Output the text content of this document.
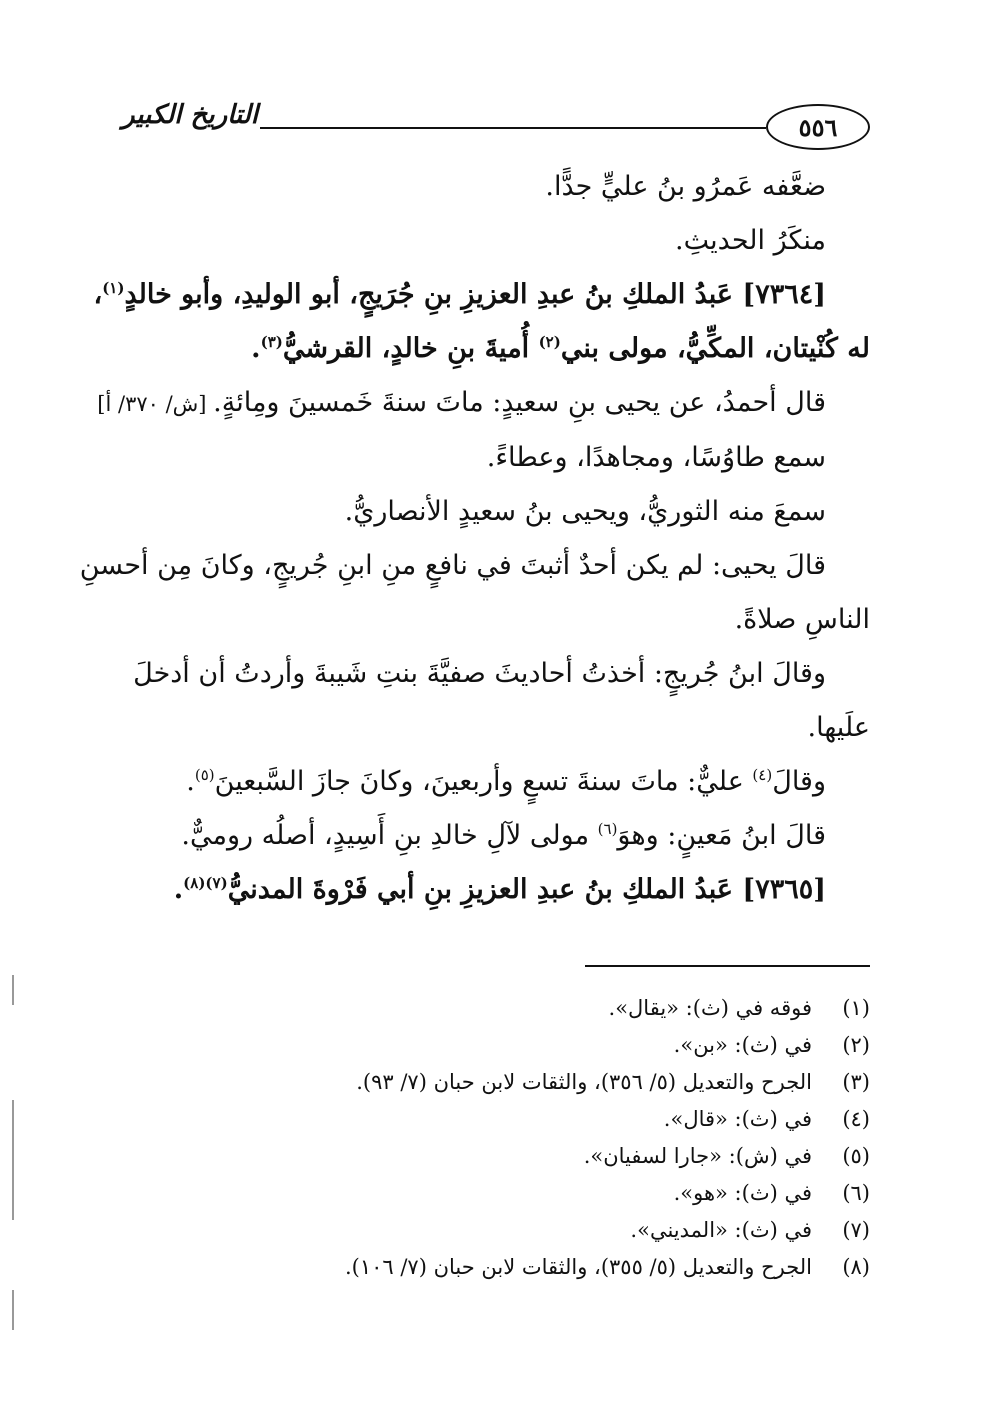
٥٥٦
التاريخ الكبير
ضعَّفه عَمرُو بنُ عليٍّ جدًّا.
منكَرُ الحديثِ.
[٧٣٦٤] عَبدُ الملكِ بنُ عبدِ العزيزِ بنِ جُرَيجٍ، أبو الوليدِ، وأبو خالدٍ$^{(١)}$،
له كُنْيتان، المكِّيُّ، مولى بني$^{(٢)}$ أُميةَ بنِ خالدٍ، القرشيُّ$^{(٣)}$.
قال أحمدُ، عن يحيى بنِ سعيدٍ: ماتَ سنةَ خَمسينَ ومِائةٍ. [ش/ ٣٧٠/ أ]
سمع طاوُسًا، ومجاهدًا، وعطاءً.
سمعَ منه الثوريُّ، ويحيى بنُ سعيدٍ الأنصاريُّ.
قالَ يحيى: لم يكن أحدٌ أثبتَ في نافعٍ منِ ابنِ جُريجٍ، وكانَ مِن أحسنِ
الناسِ صلاةً.
وقالَ ابنُ جُريجٍ: أخذتُ أحاديثَ صفيَّةَ بنتِ شَيبةَ وأردتُ أن أدخلَ
علَيها.
وقالَ$^{(٤)}$ عليٌّ: ماتَ سنةَ تسعٍ وأربعينَ، وكانَ جازَ السَّبعينَ$^{(٥)}$.
قالَ ابنُ مَعينٍ: وهوَ$^{(٦)}$ مولى لآلِ خالدِ بنِ أَسِيدٍ، أصلُه روميٌّ.
[٧٣٦٥] عَبدُ الملكِ بنُ عبدِ العزيزِ بنِ أبي فَرْوةَ المدنيُّ$^{(٧)(٨)}$.
(١)
فوقه في (ث): «يقال».
(٢)
في (ث): «بن».
(٣)
الجرح والتعديل (٥/ ٣٥٦)، والثقات لابن حبان (٧/ ٩٣).
(٤)
في (ث): «قال».
(٥)
في (ش): «جارا لسفيان».
(٦)
في (ث): «هو».
(٧)
في (ث): «المديني».
(٨)
الجرح والتعديل (٥/ ٣٥٥)، والثقات لابن حبان (٧/ ١٠٦).
